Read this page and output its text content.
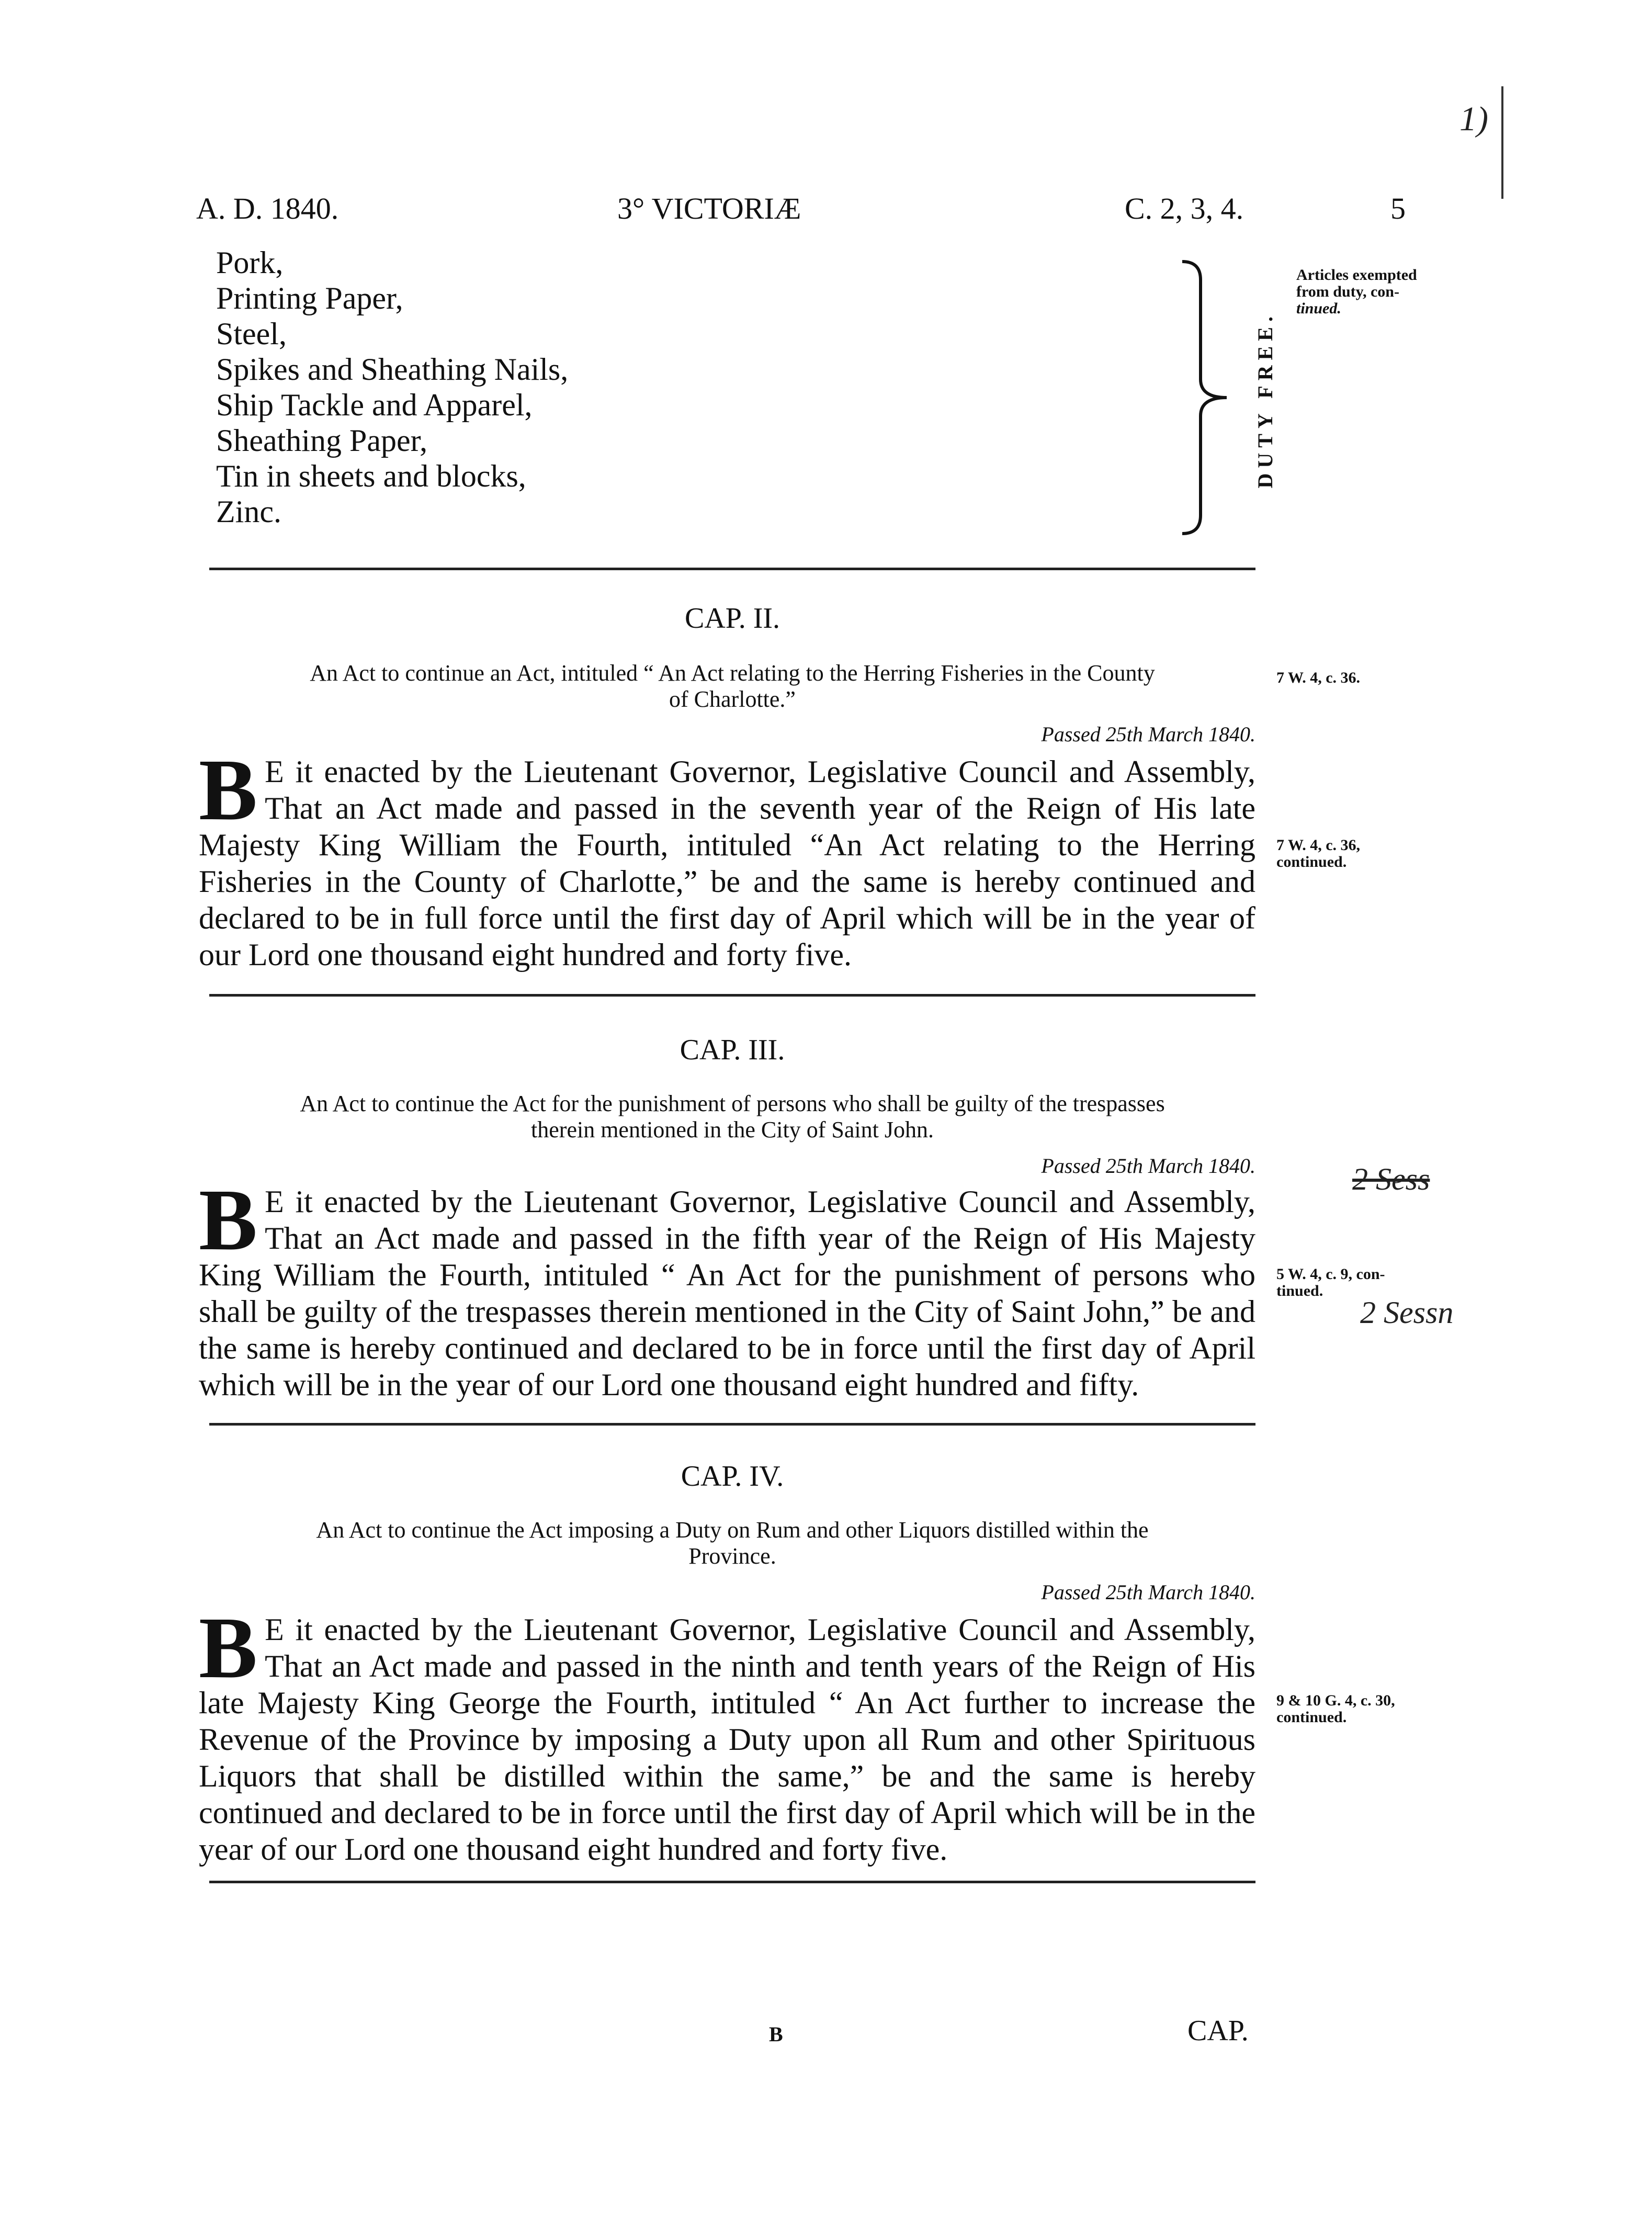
A. D. 1840.	3° VICTORIÆ	C. 2, 3, 4.	5
1)
Pork,
Printing Paper,
Steel,
Spikes and Sheathing Nails,
Ship Tackle and Apparel,
Sheathing Paper,
Tin in sheets and blocks,
Zinc.
DUTY FREE.
Articles exempted
from duty, con-
tinued.
CAP. II.
An Act to continue an Act, intituled “ An Act relating to the Herring Fisheries in the County
of Charlotte.”
7 W. 4, c. 36.
Passed 25th March 1840.

B E it enacted by the Lieutenant Governor, Legislative Council and Assembly, That an Act made and passed in the seventh year of the Reign of His late Majesty King William the Fourth, intituled “An Act relating to the Herring Fisheries in the County of Charlotte,” be and the same is hereby continued and declared to be in full force until the first day of April which will be in the year of our Lord one thousand eight hundred and forty five.

7 W. 4, c. 36,
continued.
CAP. III.
An Act to continue the Act for the punishment of persons who shall be guilty of the trespasses
therein mentioned in the City of Saint John.
Passed 25th March 1840.	2 Sess

B E it enacted by the Lieutenant Governor, Legislative Council and Assembly, That an Act made and passed in the fifth year of the Reign of His Majesty King William the Fourth, intituled “ An Act for the punishment of persons who shall be guilty of the trespasses therein mentioned in the City of Saint John,” be and the same is hereby continued and declared to be in force until the first day of April which will be in the year of our Lord one thousand eight hundred and fifty.

5 W. 4, c. 9, con-
tinued.
2 Sessn
CAP. IV.
An Act to continue the Act imposing a Duty on Rum and other Liquors distilled within the
Province.
Passed 25th March 1840.

B E it enacted by the Lieutenant Governor, Legislative Council and Assembly, That an Act made and passed in the ninth and tenth years of the Reign of His late Majesty King George the Fourth, intituled “ An Act further to increase the Revenue of the Province by imposing a Duty upon all Rum and other Spirituous Liquors that shall be distilled within the same,” be and the same is hereby continued and declared to be in force until the first day of April which will be in the year of our Lord one thousand eight hundred and forty five.

9 & 10 G. 4, c. 30,
continued.
B	CAP.
